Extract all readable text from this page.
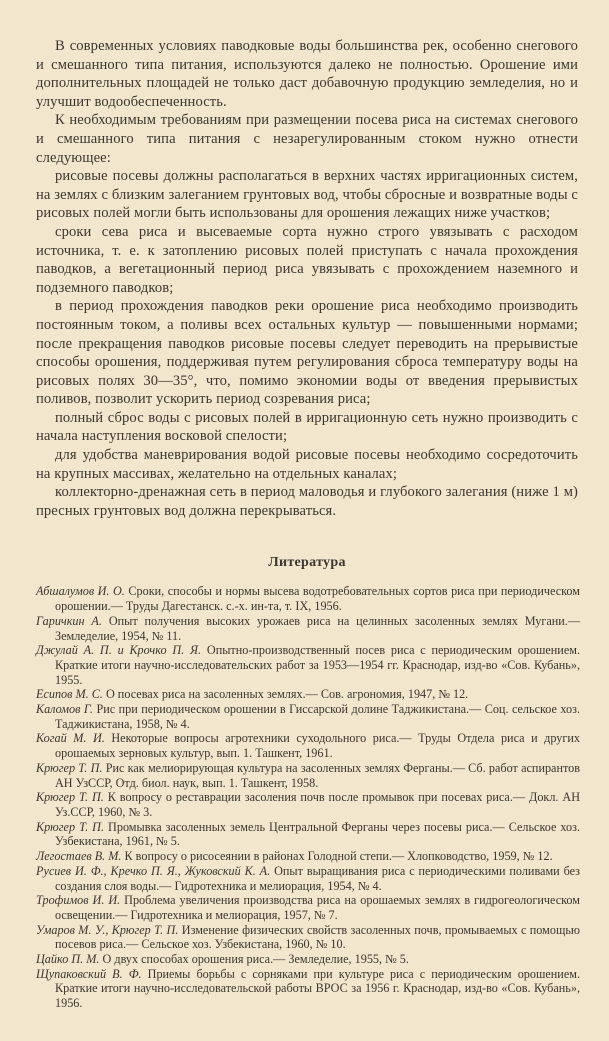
В современных условиях паводковые воды большинства рек, особенно снегового и смешанного типа питания, используются далеко не полностью. Орошение ими дополнительных площадей не только даст добавочную продукцию земледелия, но и улучшит водообеспеченность.

К необходимым требованиям при размещении посева риса на системах снегового и смешанного типа питания с незарегулированным стоком нужно отнести следующее:

рисовые посевы должны располагаться в верхних частях ирригационных систем, на землях с близким залеганием грунтовых вод, чтобы сбросные и возвратные воды с рисовых полей могли быть использованы для орошения лежащих ниже участков;

сроки сева риса и высеваемые сорта нужно строго увязывать с расходом источника, т. е. к затоплению рисовых полей приступать с начала прохождения паводков, а вегетационный период риса увязывать с прохождением наземного и подземного паводков;

в период прохождения паводков реки орошение риса необходимо производить постоянным током, а поливы всех остальных культур — повышенными нормами; после прекращения паводков рисовые посевы следует переводить на прерывистые способы орошения, поддерживая путем регулирования сброса температуру воды на рисовых полях 30—35°, что, помимо экономии воды от введения прерывистых поливов, позволит ускорить период созревания риса;

полный сброс воды с рисовых полей в ирригационную сеть нужно производить с начала наступления восковой спелости;

для удобства маневрирования водой рисовые посевы необходимо сосредоточить на крупных массивах, желательно на отдельных каналах;

коллекторно-дренажная сеть в период маловодья и глубокого залегания (ниже 1 м) пресных грунтовых вод должна перекрываться.

Литература
Абшалумов И. О. Сроки, способы и нормы высева водотребовательных сортов риса при периодическом орошении.— Труды Дагестанск. с.-х. ин-та, т. IX, 1956.
Гаричкин А. Опыт получения высоких урожаев риса на целинных засоленных землях Мугани.— Земледелие, 1954, № 11.
Джулай А. П. и Крочко П. Я. Опытно-производственный посев риса с периодическим орошением. Краткие итоги научно-исследовательских работ за 1953—1954 гг. Краснодар, изд-во «Сов. Кубань», 1955.
Есипов М. С. О посевах риса на засоленных землях.— Сов. агрономия, 1947, № 12.
Каломов Г. Рис при периодическом орошении в Гиссарской долине Таджикистана.— Соц. сельское хоз. Таджикистана, 1958, № 4.
Когай М. И. Некоторые вопросы агротехники суходольного риса.— Труды Отдела риса и других орошаемых зерновых культур, вып. 1. Ташкент, 1961.
Крюгер Т. П. Рис как мелиорирующая культура на засоленных землях Ферганы.— Сб. работ аспирантов АН УзССР, Отд. биол. наук, вып. 1. Ташкент, 1958.
Крюгер Т. П. К вопросу о реставрации засоления почв после промывок при посевах риса.— Докл. АН Уз.ССР, 1960, № 3.
Крюгер Т. П. Промывка засоленных земель Центральной Ферганы через посевы риса.— Сельское хоз. Узбекистана, 1961, № 5.
Легостаев В. М. К вопросу о рисосеянии в районах Голодной степи.— Хлопководство, 1959, № 12.
Русиев И. Ф., Кречко П. Я., Жуковский К. А. Опыт выращивания риса с периодическими поливами без создания слоя воды.— Гидротехника и мелиорация, 1954, № 4.
Трофимов И. И. Проблема увеличения производства риса на орошаемых землях в гидрогеологическом освещении.— Гидротехника и мелиорация, 1957, № 7.
Умаров М. У., Крюгер Т. П. Изменение физических свойств засоленных почв, промываемых с помощью посевов риса.— Сельское хоз. Узбекистана, 1960, № 10.
Цайко П. М. О двух способах орошения риса.— Земледелие, 1955, № 5.
Щупаковский В. Ф. Приемы борьбы с сорняками при культуре риса с периодическим орошением. Краткие итоги научно-исследовательской работы ВРОС за 1956 г. Краснодар, изд-во «Сов. Кубань», 1956.
